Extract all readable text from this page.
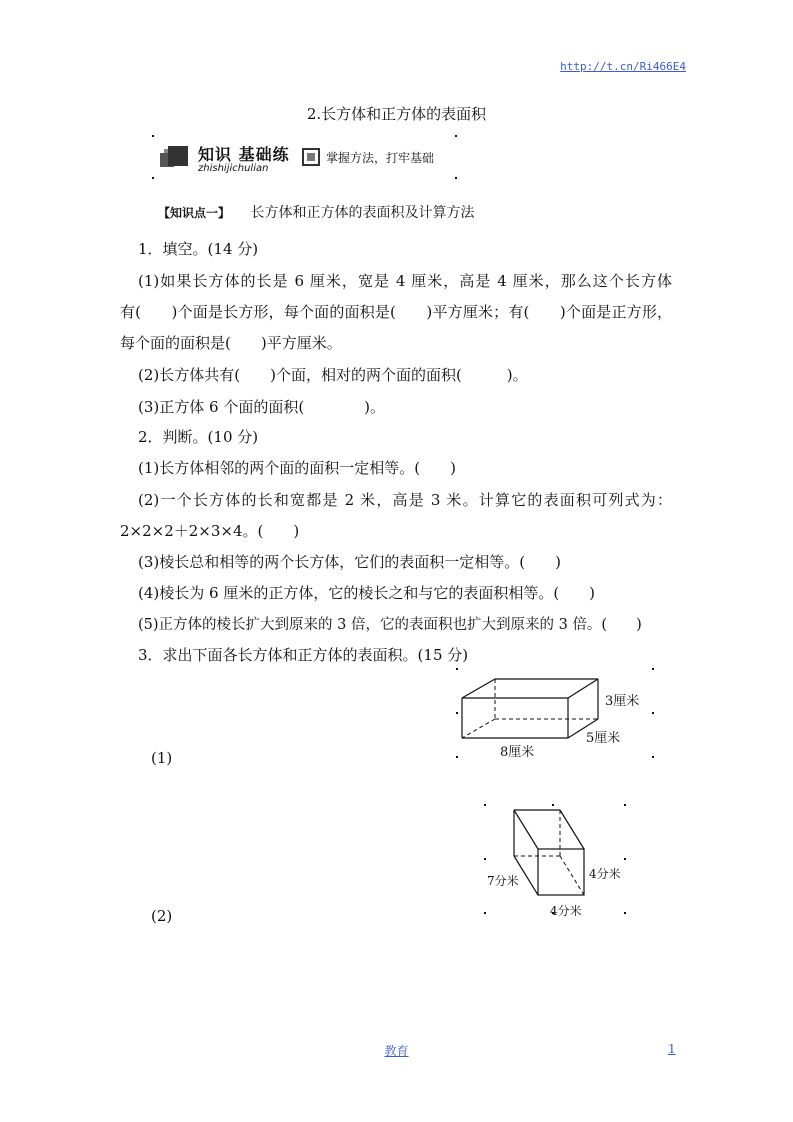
http://t.cn/Ri466E4
2.长方体和正方体的表面积
知识 基础练
zhishijichulian
掌握方法，打牢基础
【知识点一】 长方体和正方体的表面积及计算方法
1．填空。(14 分)
(1)如果长方体的长是 6 厘米，宽是 4 厘米，高是 4 厘米，那么这个长方体
有(　　)个面是长方形，每个面的面积是(　　)平方厘米；有(　　)个面是正方形，
每个面的面积是(　　)平方厘米。
(2)长方体共有(　　)个面，相对的两个面的面积(　　　)。
(3)正方体 6 个面的面积(　　　　)。
2．判断。(10 分)
(1)长方体相邻的两个面的面积一定相等。(　　)
(2)一个长方体的长和宽都是 2 米，高是 3 米。计算它的表面积可列式为：
2×2×2＋2×3×4。(　　)
(3)棱长总和相等的两个长方体，它们的表面积一定相等。(　　)
(4)棱长为 6 厘米的正方体，它的棱长之和与它的表面积相等。(　　)
(5)正方体的棱长扩大到原来的 3 倍，它的表面积也扩大到原来的 3 倍。(　　)
3．求出下面各长方体和正方体的表面积。(15 分)
(1)
(2)
3厘米
5厘米
8厘米
7分米	4分米
4分米
教育	1
